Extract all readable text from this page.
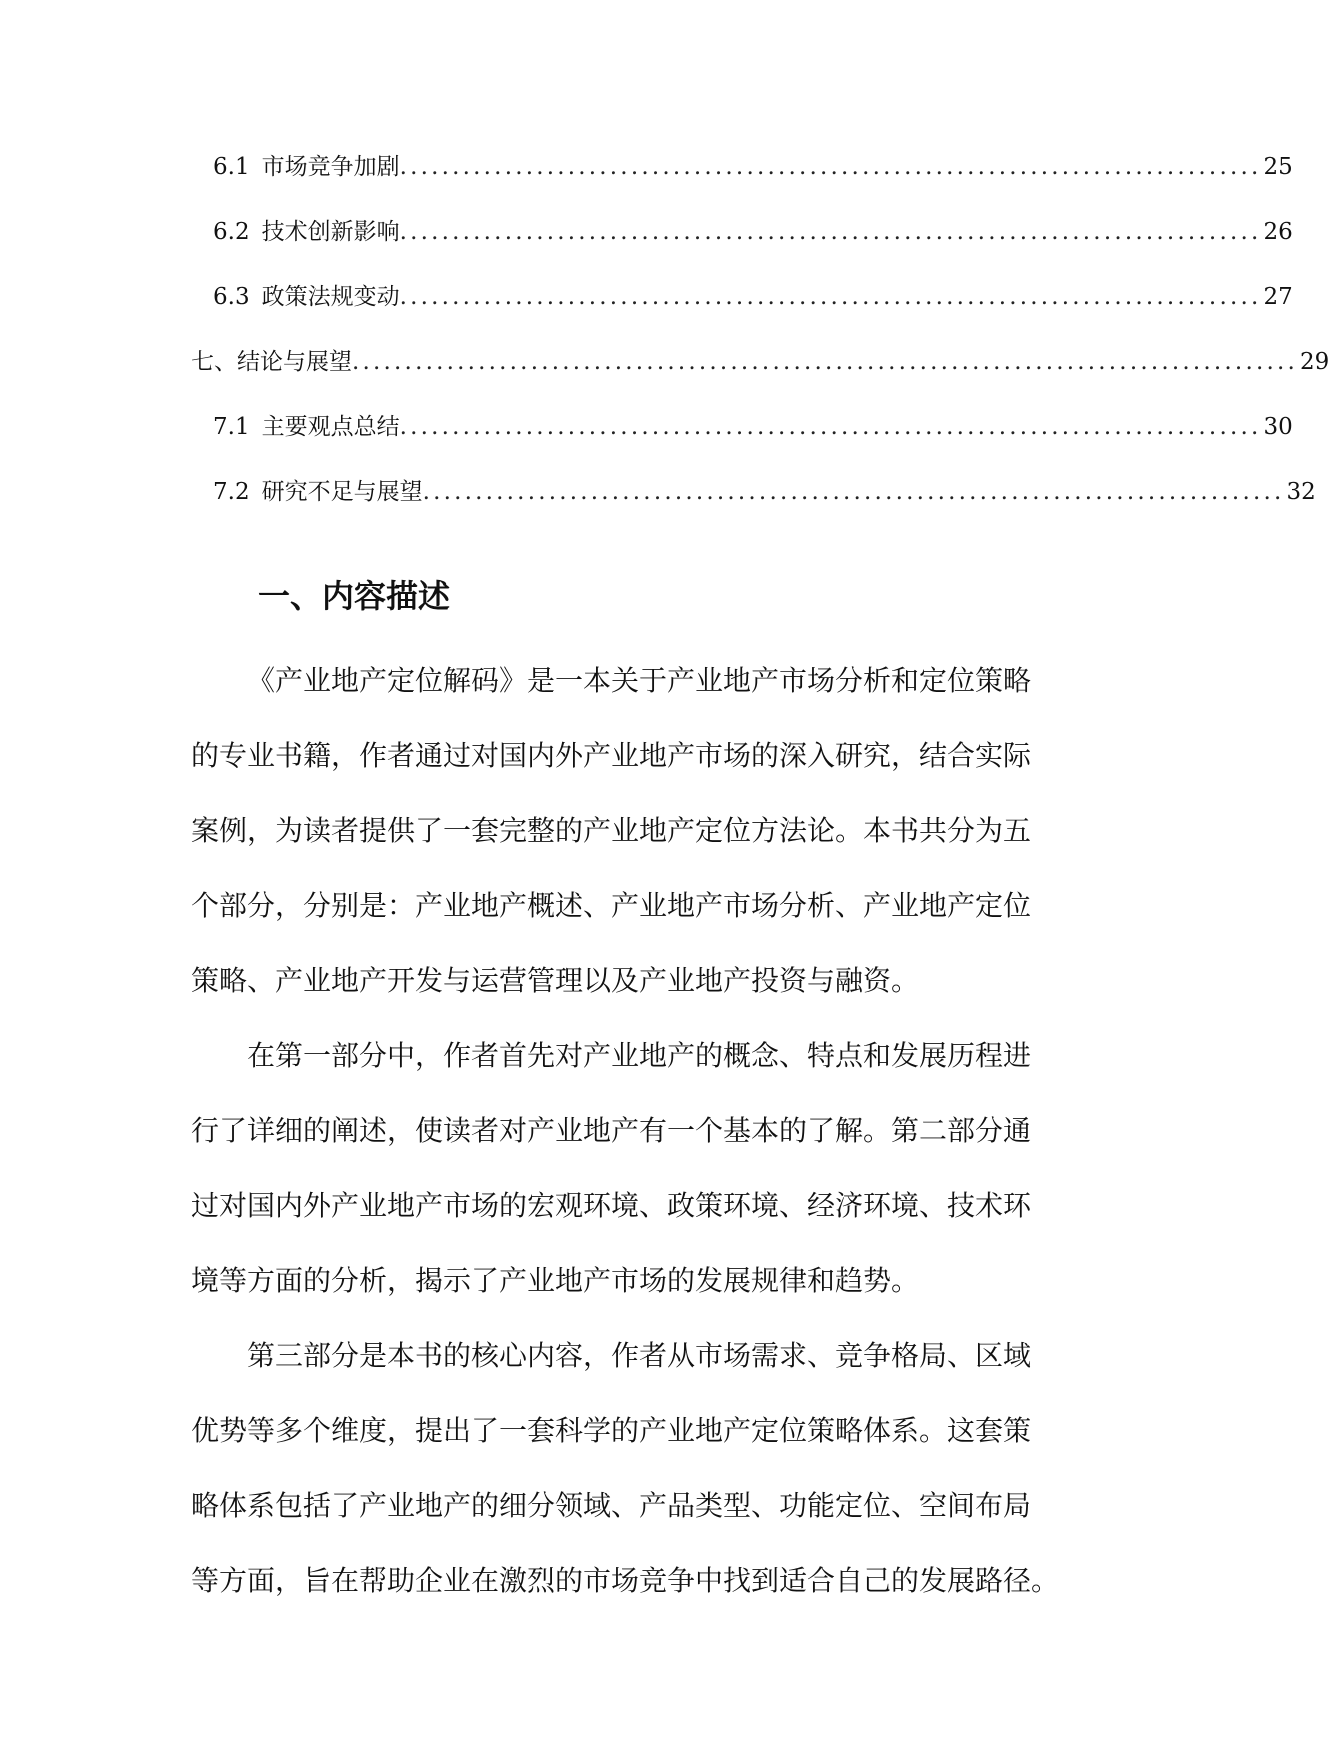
6.1 市场竞争加剧 .................................................................................. 25
6.2 技术创新影响 .................................................................................. 26
6.3 政策法规变动 .................................................................................. 27
七、结论与展望 .......................................................................................... 29
7.1 主要观点总结 .................................................................................. 30
7.2 研究不足与展望 .................................................................................. 32
一、内容描述
《产业地产定位解码》是一本关于产业地产市场分析和定位策略
的专业书籍，作者通过对国内外产业地产市场的深入研究，结合实际
案例，为读者提供了一套完整的产业地产定位方法论。本书共分为五
个部分，分别是：产业地产概述、产业地产市场分析、产业地产定位
策略、产业地产开发与运营管理以及产业地产投资与融资。
在第一部分中，作者首先对产业地产的概念、特点和发展历程进
行了详细的阐述，使读者对产业地产有一个基本的了解。第二部分通
过对国内外产业地产市场的宏观环境、政策环境、经济环境、技术环
境等方面的分析，揭示了产业地产市场的发展规律和趋势。
第三部分是本书的核心内容，作者从市场需求、竞争格局、区域
优势等多个维度，提出了一套科学的产业地产定位策略体系。这套策
略体系包括了产业地产的细分领域、产品类型、功能定位、空间布局
等方面，旨在帮助企业在激烈的市场竞争中找到适合自己的发展路径。
